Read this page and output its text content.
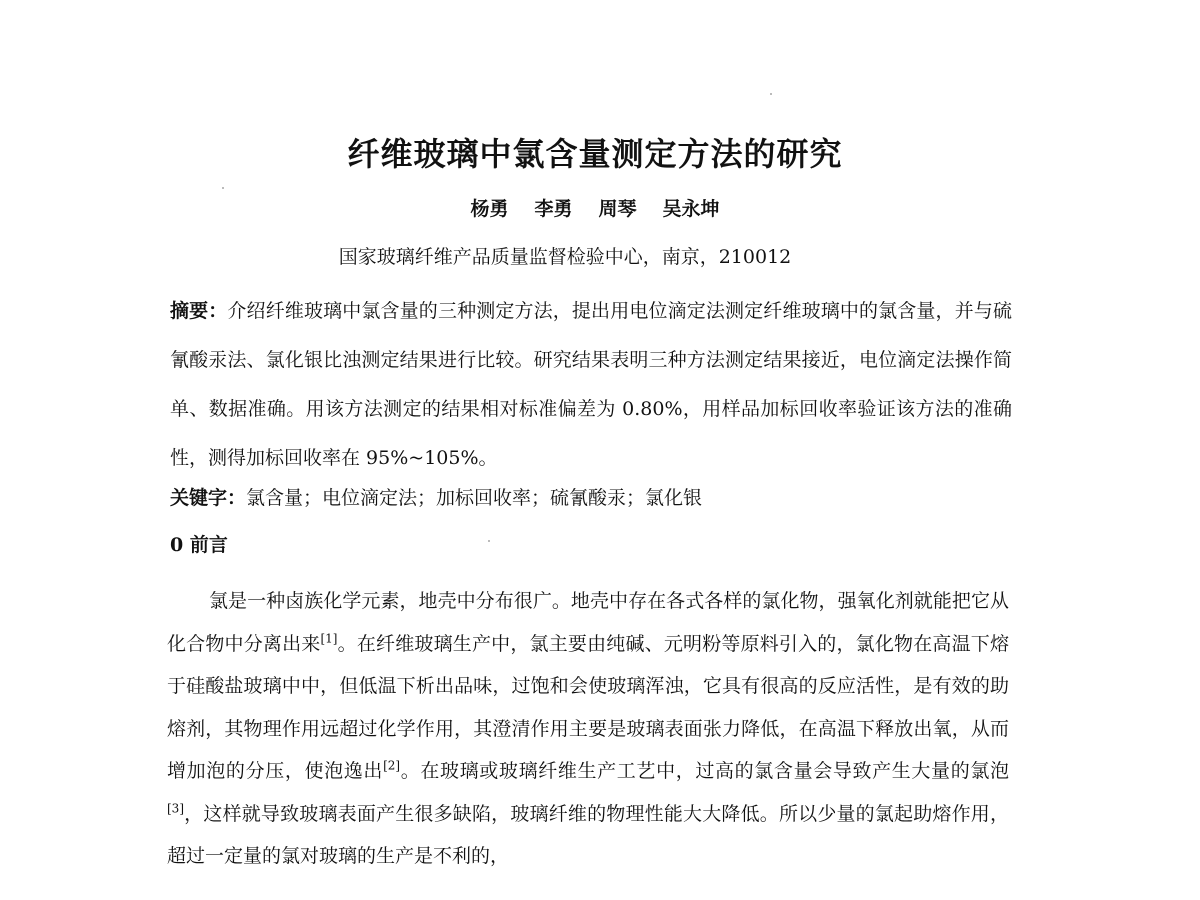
纤维玻璃中氯含量测定方法的研究
杨勇 李勇 周琴 吴永坤
国家玻璃纤维产品质量监督检验中心，南京，210012
摘要：介绍纤维玻璃中氯含量的三种测定方法，提出用电位滴定法测定纤维玻璃中的氯含量，并与硫氰酸汞法、氯化银比浊测定结果进行比较。研究结果表明三种方法测定结果接近，电位滴定法操作简单、数据准确。用该方法测定的结果相对标准偏差为 0.80%，用样品加标回收率验证该方法的准确性，测得加标回收率在 95%~105%。
关键字：氯含量；电位滴定法；加标回收率；硫氰酸汞；氯化银
0 前言
氯是一种卤族化学元素，地壳中分布很广。地壳中存在各式各样的氯化物，强氧化剂就能把它从化合物中分离出来[1]。在纤维玻璃生产中，氯主要由纯碱、元明粉等原料引入的，氯化物在高温下熔于硅酸盐玻璃中中，但低温下析出品味，过饱和会使玻璃浑浊，它具有很高的反应活性，是有效的助熔剂，其物理作用远超过化学作用，其澄清作用主要是玻璃表面张力降低，在高温下释放出氧，从而增加泡的分压，使泡逸出[2]。在玻璃或玻璃纤维生产工艺中，过高的氯含量会导致产生大量的氯泡[3]，这样就导致玻璃表面产生很多缺陷，玻璃纤维的物理性能大大降低。所以少量的氯起助熔作用，超过一定量的氯对玻璃的生产是不利的，
